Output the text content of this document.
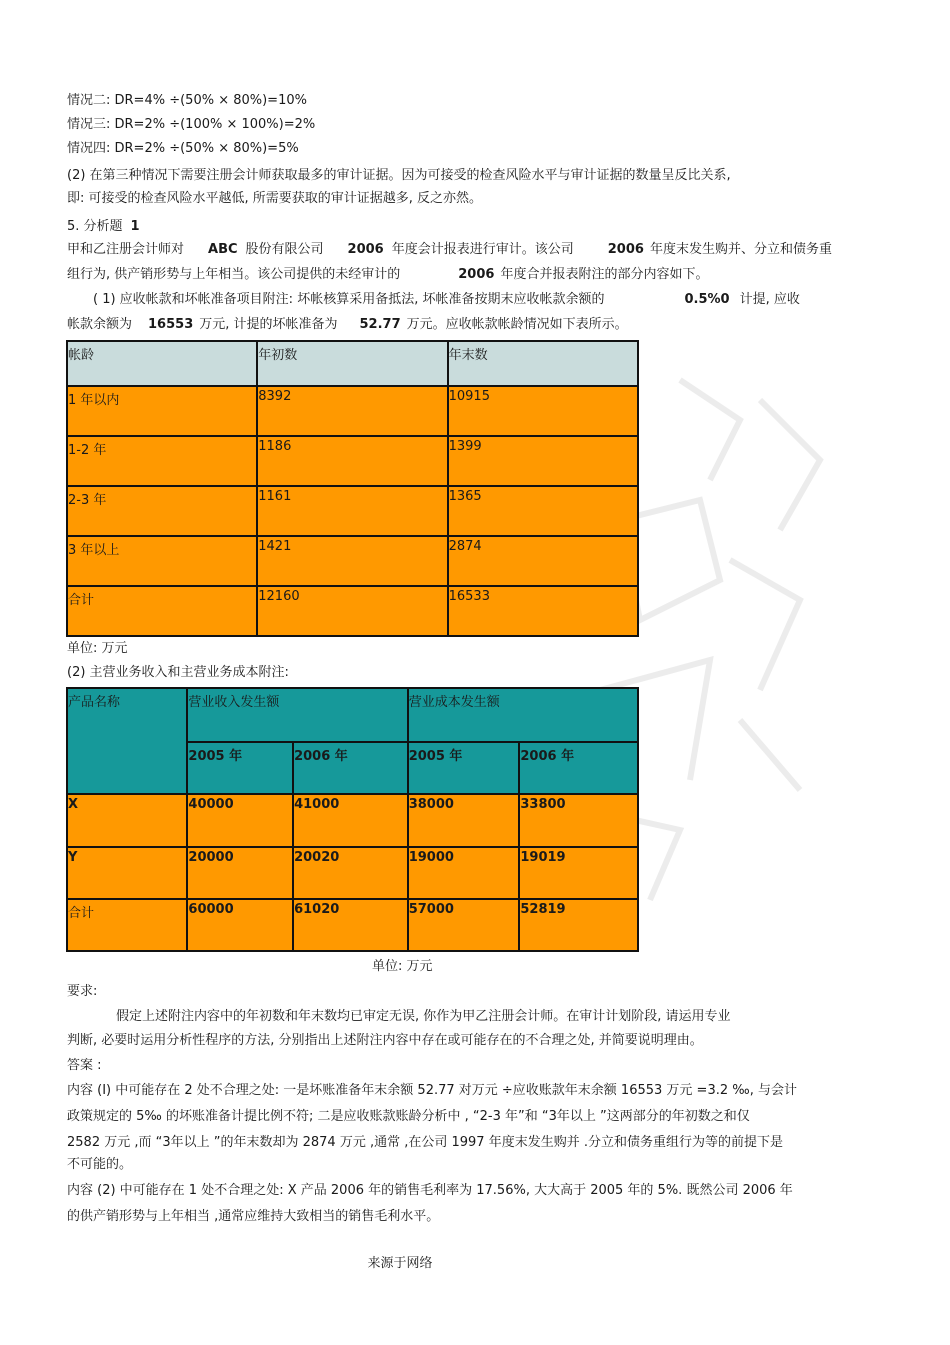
情况二: DR=4% ÷(50% × 80%)=10%
情况三: DR=2% ÷(100% × 100%)=2%
情况四: DR=2% ÷(50% × 80%)=5%
(2) 在第三种情况下需要注册会计师获取最多的审计证据。因为可接受的检查风险水平与审计证据的数量呈反比关系,
即: 可接受的检查风险水平越低, 所需要获取的审计证据越多, 反之亦然。
5. 分析题 1
甲和乙注册会计师对 ABC 股份有限公司 2006 年度会计报表进行审计。该公司	2006 年度末发生购并、分立和债务重
组行为, 供产销形势与上年相当。该公司提供的未经审计的	2006 年度合并报表附注的部分内容如下。
( 1) 应收帐款和坏帐准备项目附注: 坏帐核算采用备抵法, 坏帐准备按期末应收帐款余额的	0.5%0 计提, 应收
帐款余额为 16553 万元, 计提的坏帐准备为 52.77 万元。应收帐款帐龄情况如下表所示。
帐龄	年初数	年末数
1 年以内	8392	10915
1-2 年	1186	1399
2-3 年	1161	1365
3 年以上	1421	2874
合计	12160	16533
单位: 万元
(2) 主营业务收入和主营业务成本附注:
产品名称	营业收入发生额		营业成本发生额	
	2005 年	2006 年	2005 年	2006 年
X	40000	41000	38000	33800
Y	20000	20020	19000	19019
合计	60000	61020	57000	52819
单位: 万元
要求:
假定上述附注内容中的年初数和年末数均已审定无误, 你作为甲乙注册会计师。在审计计划阶段, 请运用专业
判断, 必要时运用分析性程序的方法, 分别指出上述附注内容中存在或可能存在的不合理之处, 并简要说明理由。
答案 :
内容 (I) 中可能存在 2 处不合理之处: 一是坏账准备年末余额 52.77 对万元 ÷应收账款年末余额 16553 万元 =3.2 ‰, 与会计
政策规定的 5‰ 的坏账准备计提比例不符; 二是应收账款账龄分析中 , “2-3 年”和 “3年以上 ”这两部分的年初数之和仅
2582 万元 ,而 “3年以上 ”的年末数却为 2874 万元 ,通常 ,在公司 1997 年度末发生购并 .分立和债务重组行为等的前提下是
不可能的。
内容 (2) 中可能存在 1 处不合理之处: X 产品 2006 年的销售毛利率为 17.56%, 大大高于 2005 年的 5%. 既然公司 2006 年
的供产销形势与上年相当 ,通常应维持大致相当的销售毛利水平。
来源于网络
